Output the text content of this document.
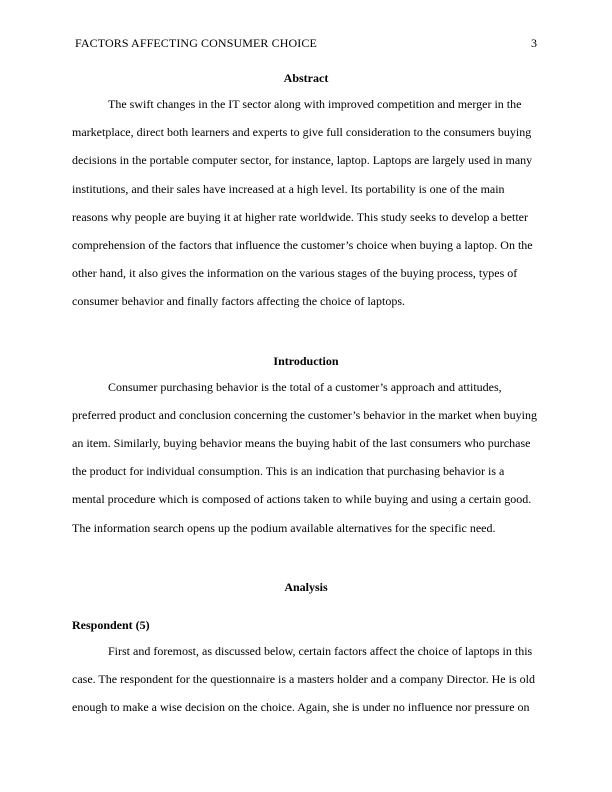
FACTORS AFFECTING CONSUMER CHOICE	3
Abstract
The swift changes in the IT sector along with improved competition and merger in the
marketplace, direct both learners and experts to give full consideration to the consumers buying
decisions in the portable computer sector, for instance, laptop. Laptops are largely used in many
institutions, and their sales have increased at a high level. Its portability is one of the main
reasons why people are buying it at higher rate worldwide. This study seeks to develop a better
comprehension of the factors that influence the customer’s choice when buying a laptop. On the
other hand, it also gives the information on the various stages of the buying process, types of
consumer behavior and finally factors affecting the choice of laptops.
Introduction
Consumer purchasing behavior is the total of a customer’s approach and attitudes,
preferred product and conclusion concerning the customer’s behavior in the market when buying
an item. Similarly, buying behavior means the buying habit of the last consumers who purchase
the product for individual consumption. This is an indication that purchasing behavior is a
mental procedure which is composed of actions taken to while buying and using a certain good.
The information search opens up the podium available alternatives for the specific need.
Analysis
Respondent (5)
First and foremost, as discussed below, certain factors affect the choice of laptops in this
case. The respondent for the questionnaire is a masters holder and a company Director. He is old
enough to make a wise decision on the choice. Again, she is under no influence nor pressure on
